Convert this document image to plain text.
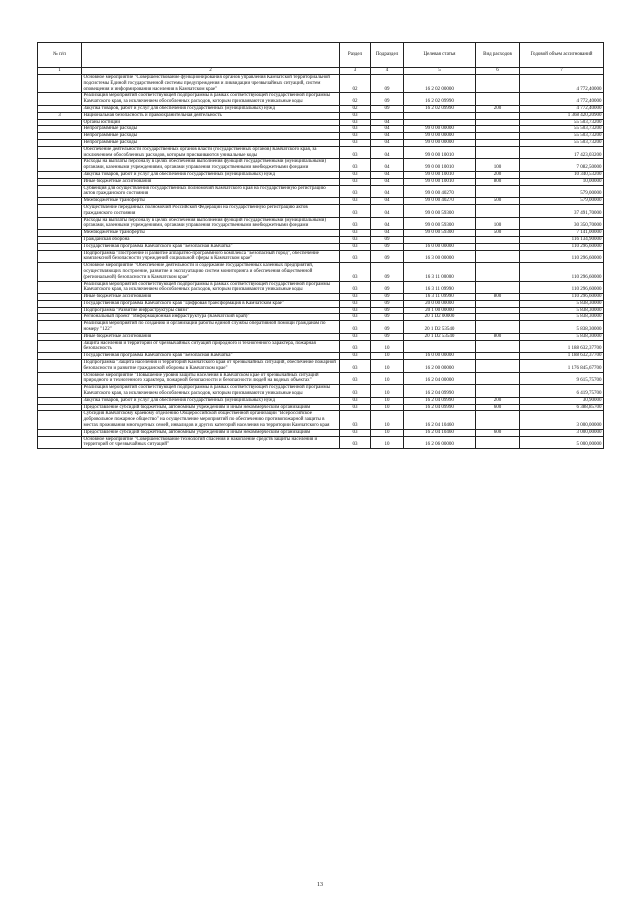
№ п/п		Раздел	Подраздел	Целевая статья	Вид расходов	Годовой объем ассигнований
1	2	3	4	5	6	7
	Основное мероприятие "Совершенствование функционирования органов управления Камчатской территориальной подсистемы Единой государственной системы предупреждения и ликвидации чрезвычайных ситуаций, систем оповещения и информирования населения в Камчатском крае"	02	09	16 2 02 00000		4 772,40000
	Реализация мероприятий соответствующей подпрограммы в рамках соответствующей государственной программы Камчатского края, за исключением обособленных расходов, которым присваиваются уникальные коды	02	09	16 2 02 09990		4 772,40000
	Закупка товаров, работ и услуг для обеспечения государственных (муниципальных) нужд	02	09	16 2 02 09990	200	4 772,40000
3	Национальная безопасность и правоохранительная деятельность	03				1 368 420,20900
	Органы юстиции	03	04			55 503,73200
	Непрограммные расходы	03	04	99 0 00 00000		55 503,73200
	Непрограммные расходы	03	04	99 0 00 00000		55 503,73200
	Непрограммные расходы	03	04	99 0 00 00000		55 503,73200
	Обеспечение деятельности государственных органов власти (государственных органов) Камчатского края, за исключением обособленных расходов, которым присваиваются уникальные коды	03	04	99 0 00 10010		17 423,03200
	Расходы на выплаты персоналу в целях обеспечения выполнения функций государственными (муниципальными) органами, казенными учреждениями, органами управления государственными внебюджетными фондами	03	04	99 0 00 10010	100	7 082,50000
	Закупка товаров, работ и услуг для обеспечения государственных (муниципальных) нужд	03	04	99 0 00 10010	200	10 340,53200
	Иные бюджетные ассигнования	03	04	99 0 00 10010	800	10,00000
	Субвенция для осуществления государственных полномочий Камчатского края на государственную регистрацию актов гражданского состояния	03	04	99 0 00 40270		579,00000
	Межбюджетные трансферты	03	04	99 0 00 40270	500	579,00000
	Осуществление переданных полномочий Российской Федерации на государственную регистрацию актов гражданского состояния	03	04	99 0 00 59300		37 491,70000
	Расходы на выплаты персоналу в целях обеспечения выполнения функций государственными (муниципальными) органами, казенными учреждениями, органами управления государственными внебюджетными фондами	03	04	99 0 00 59300	100	30 350,70000
	Межбюджетные трансферты	03	04	99 0 00 59300	500	7 141,00000
	Гражданская оборона	03	09			116 134,90000
	Государственная программа Камчатского края "Безопасная Камчатка"	03	09	16 0 00 00000		110 296,60000
	Подпрограмма "Построение и развитие аппаратно-программного комплекса "Безопасный город", обеспечение комплексной безопасности учреждений социальной сферы в Камчатском крае"	03	09	16 3 00 00000		110 296,60000
	Основное мероприятие "Обеспечение деятельности и содержание государственных казенных предприятий, осуществляющих построение, развитие и эксплуатацию систем мониторинга и обеспечения общественной (региональной) безопасности в Камчатском крае"	03	09	16 3 11 00000		110 296,60000
	Реализация мероприятий соответствующей подпрограммы в рамках соответствующей государственной программы Камчатского края, за исключением обособленных расходов, которым присваиваются уникальные коды	03	09	16 3 11 09990		110 296,60000
	Иные бюджетные ассигнования	03	09	16 3 11 09990	800	110 296,60000
	Государственная программа Камчатского края "Цифровая трансформация в Камчатском крае"	03	09	20 0 00 00000		5 838,30000
	Подпрограмма "Развитие инфраструктуры связи"	03	09	20 1 00 00000		5 838,30000
	Региональный проект "Информационная инфраструктура (Камчатский край)"	03	09	20 1 D2 00000		5 838,30000
	Реализация мероприятий по созданию и организации работы единой службы оперативной помощи гражданам по номеру "122"	03	09	20 1 D2 53540		5 838,30000
	Иные бюджетные ассигнования	03	09	20 1 D2 53540	800	5 838,30000
	Защита населения и территории от чрезвычайных ситуаций природного и техногенного характера, пожарная безопасность	03	10			1 188 632,37700
	Государственная программа Камчатского края "Безопасная Камчатка"	03	10	16 0 00 00000		1 188 632,37700
	Подпрограмма "Защита населения и территорий Камчатского края от чрезвычайных ситуаций, обеспечение пожарной безопасности и развитие гражданской обороны в Камчатском крае"	03	10	16 2 00 00000		1 176 845,67700
	Основное мероприятие "Повышение уровня защиты населения в Камчатском крае от чрезвычайных ситуаций природного и техногенного характера, пожарной безопасности и безопасности людей на водных объектах"	03	10	16 2 04 00000		9 615,75700
	Реализация мероприятий соответствующей подпрограммы в рамках соответствующей государственной программы Камчатского края, за исключением обособленных расходов, которым присваиваются уникальные коды	03	10	16 2 04 09990		6 419,75700
	Закупка товаров, работ и услуг для обеспечения государственных (муниципальных) нужд	03	10	16 2 04 09990	200	30,90000
	Предоставление субсидий бюджетным, автономным учреждениям и иным некоммерческим организациям	03	10	16 2 04 09990	600	6 388,85700
	Субсидия Камчатскому краевому отделению Общероссийской общественной организации "Всероссийское добровольное пожарное общество" на осуществление мероприятий по обеспечению противопожарной защиты в местах проживания многодетных семей, инвалидов и других категорий населения на территории Камчатского края	03	10	16 2 04 10460		3 000,00000
	Предоставление субсидий бюджетным, автономным учреждениям и иным некоммерческим организациям	03	10	16 2 04 10460	600	3 000,00000
	Основное мероприятие "Совершенствование технологий спасения и накопление средств защиты населения и территорий от чрезвычайных ситуаций"	03	10	16 2 06 00000		5 000,00000
13
